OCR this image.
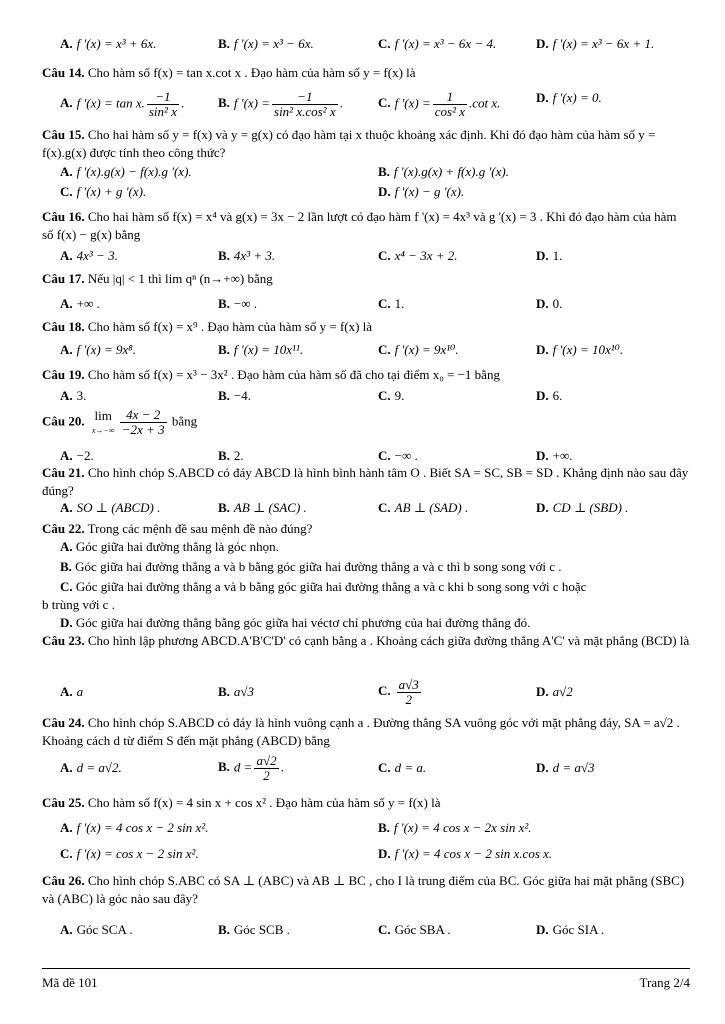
A. f '(x) = x³ + 6x.	B. f '(x) = x³ − 6x.	C. f '(x) = x³ − 6x − 4.	D. f '(x) = x³ − 6x + 1.
Câu 14. Cho hàm số f(x) = tan x.cot x . Đạo hàm của hàm số y = f(x) là
A. f '(x) = tan x. $\frac{-1}{\text{sin² x}}$ .	B. f '$(x) = \frac{-1}{\text{sin² x.cos² x}}$ .	C. f '$(x) = \frac{1}{\text{cos² x}} .\cot$ x.	D. f '(x) = 0.
Câu 15. Cho hai hàm số y = f(x) và y = g(x) có đạo hàm tại x thuộc khoảng xác định. Khi đó đạo hàm của hàm số y = f(x).g(x) được tính theo công thức?
A. f '(x).g(x) − f(x).g '(x).	B. f '(x).g(x) + f(x).g '(x).
C. f '(x) + g '(x).	D. f '(x) − g '(x).
Câu 16. Cho hai hàm số f(x) = x⁴ và g(x) = 3x − 2 lần lượt có đạo hàm f '(x) = 4x³ và g '(x) = 3 . Khi đó đạo hàm của hàm số f(x) − g(x) bằng
A. 4x³ − 3.	B. 4x³ + 3.	C. x⁴ − 3x + 2.	D. 1.
Câu 17. Nếu |q| < 1 thì lim qⁿ (n→+∞) bằng
A. +∞ .	B. −∞ .	C. 1.	D. 0.
Câu 18. Cho hàm số f(x) = x⁹ . Đạo hàm của hàm số y = f(x) là
A. f '(x) = 9x⁸.	B. f '(x) = 10x¹¹.	C. f '(x) = 9x¹⁰.	D. f '(x) = 10x¹⁰.
Câu 19. Cho hàm số f(x) = x³ − 3x² . Đạo hàm của hàm số đã cho tại điểm x₀ = −1 bằng
A. 3.	B. −4.	C. 9.	D. 6.
Câu 20. lim
$x\to-\infty \frac{4x - 2}{-2x + 3}$ bằng
A. −2.	B. 2.	C. −∞ .	D. +∞.
Câu 21. Cho hình chóp S.ABCD có đáy ABCD là hình bình hành tâm O . Biết SA = SC, SB = SD . Khẳng định nào sau đây đúng?
A. SO ⊥ (ABCD) .	B. AB ⊥ (SAC) .	C. AB ⊥ (SAD) .	D. CD ⊥ (SBD) .
Câu 22. Trong các mệnh đề sau mệnh đề nào đúng?
A. Góc giữa hai đường thẳng là góc nhọn.
B. Góc giữa hai đường thẳng a và b bằng góc giữa hai đường thẳng a và c thì b song song với c .
C. Góc giữa hai đường thẳng a và b bằng góc giữa hai đường thẳng a và c khi b song song với c hoặc
b trùng với c .
D. Góc giữa hai đường thẳng bằng góc giữa hai véctơ chỉ phương của hai đường thẳng đó.
Câu 23. Cho hình lập phương ABCD.A'B'C'D' có cạnh bằng a . Khoảng cách giữa đường thẳng A'C' và mặt phẳng (BCD) là
A. a	B. a√3	C. $\frac{a√3}{2}$	D. a√2
Câu 24. Cho hình chóp S.ABCD có đáy là hình vuông cạnh a . Đường thẳng SA vuông góc với mặt phẳng đáy, SA = a√2 . Khoảng cách d từ điểm S đến mặt phẳng (ABCD) bằng
A. d = a√2.	B. $d = \frac{a√2}{2}$ .	C. d = a.	D. d = a√3
Câu 25. Cho hàm số f(x) = 4 sin x + cos x² . Đạo hàm của hàm số y = f(x) là
A. f '(x) = 4 cos x − 2 sin x².	B. f '(x) = 4 cos x − 2x sin x².
C. f '(x) = cos x − 2 sin x².	D. f '(x) = 4 cos x − 2 sin x.cos x.
Câu 26. Cho hình chóp S.ABC có SA ⊥ (ABC) và AB ⊥ BC , cho I là trung điểm của BC. Góc giữa hai mặt phẳng (SBC) và (ABC) là góc nào sau đây?
A. Góc SCA .	B. Góc SCB .	C. Góc SBA .	D. Góc SIA .
Mã đề 101	Trang 2/4
